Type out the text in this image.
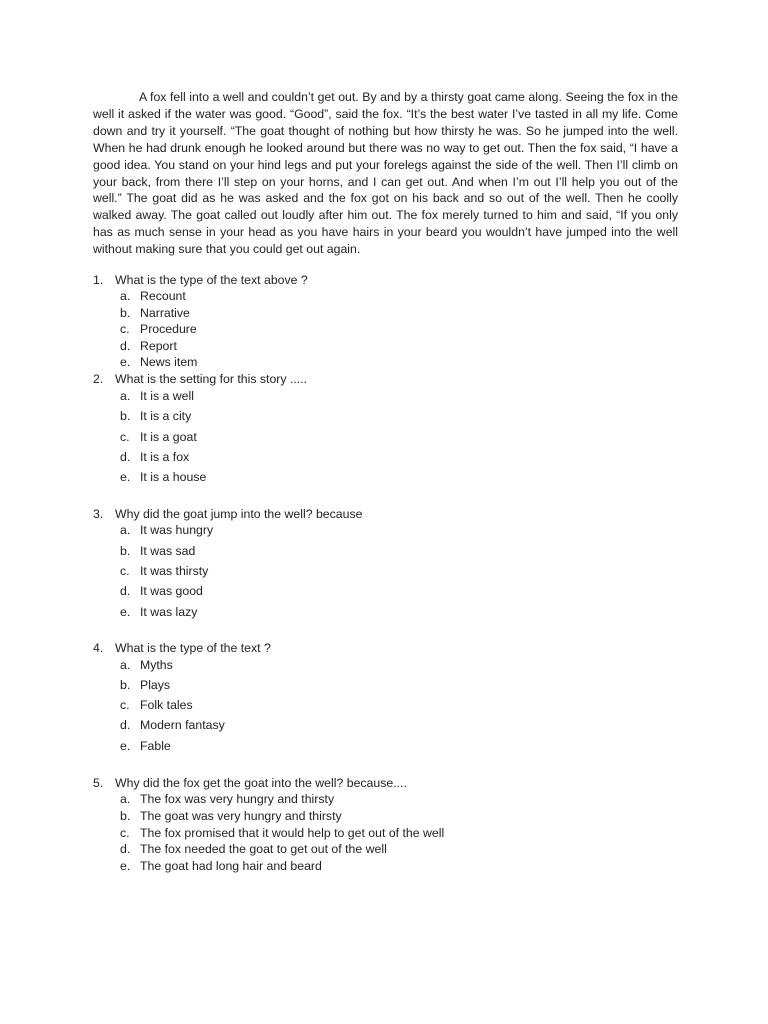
A fox fell into a well and couldn’t get out. By and by a thirsty goat came along. Seeing the fox in the well it asked if the water was good. “Good”, said the fox. “It’s the best water I’ve tasted in all my life. Come down and try it yourself. “The goat thought of nothing but how thirsty he was. So he jumped into the well. When he had drunk enough he looked around but there was no way to get out. Then the fox said, “I have a good idea. You stand on your hind legs and put your forelegs against the side of the well. Then I’ll climb on your back, from there I’ll step on your horns, and I can get out. And when I’m out I’ll help you out of the well.” The goat did as he was asked and the fox got on his back and so out of the well. Then he coolly walked away. The goat called out loudly after him out. The fox merely turned to him and said, “If you only has as much sense in your head as you have hairs in your beard you wouldn’t have jumped into the well without making sure that you could get out again.
1. What is the type of the text above ?
a. Recount
b. Narrative
c. Procedure
d. Report
e. News item
2. What is the setting for this story .....
a. It is a well
b. It is a city
c. It is a goat
d. It is a fox
e. It is a house
3. Why did the goat jump into the well? because
a. It was hungry
b. It was sad
c. It was thirsty
d. It was good
e. It was lazy
4. What is the type of the text ?
a. Myths
b. Plays
c. Folk tales
d. Modern fantasy
e. Fable
5. Why did the fox get the goat into the well? because....
a. The fox was very hungry and thirsty
b. The goat was very hungry and thirsty
c. The fox promised that it would help to get out of the well
d. The fox needed the goat to get out of the well
e. The goat had long hair and beard
